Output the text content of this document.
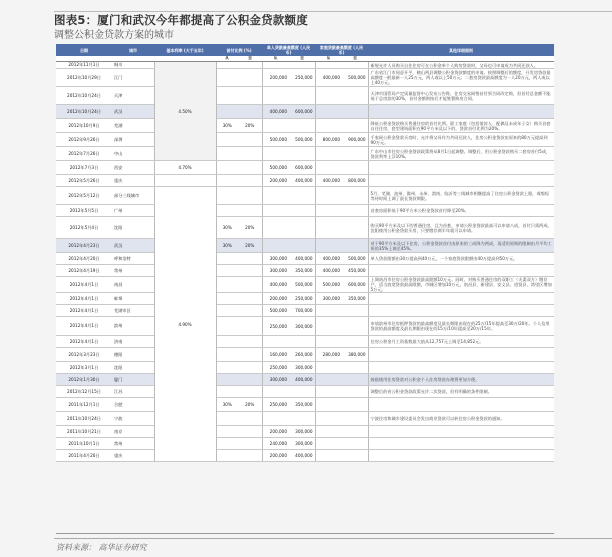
图表5：厦门和武汉今年都提高了公积金贷款额度
调整公积金贷款方案的城市
日期	城市	基本利率 (大于五年)	首付比例 (%)		单人贷款最高额度 (人民币)		家庭贷款最高额度 (人民币)		其他详细细则
			从	至	从	至	从	至	
2012年11月1日	铜川	4.50%							新规允许人员购买自住住房可在公积金单个人购房贷款时，父母也可申请成为共同还款人。
2012年10月29日	江门				200,000	250,000	400,000	500,000	广东省江门市同意开平、鹤山两县调整公积金贷款额度的申请。按照调整后的额度，开发房贷款最高额度一般最新一人25万元，两人或以上50万元；二套房贷款最高额度为一人20万元，两人或以上40万元。
2012年10月24日	天津								天津市国管局产定质量监督中心发布公告称，住房交易网签首付须合同改定购，但首付总金额不能低于总房款的30%，首付金额则按后才能签署购房合同。
2012年10月24日	武汉				400,000	600,000			
2012年10月9日	芜湖		30%	20%					降低公积金贷款购买普通住房的首付比例。职工家庭（包括借款人、配偶及未成年子女）购买首套自住住房，套型建筑面积在90平方米及以下的，贷款首付比例为20%。
2012年9月26日	深圳				500,000	500,000	800,000	900,000	千家网公积金贷款买房时，允许将父母作为共同还款人，住房公积金贷款由原来的80万元提高到90万元。
2012年7月26日	中山								广东中山市住房公积金贷款政策将从8月1日起调整。调整后，用公积金贷款购买二套房首付5成，贷款利率上浮10%。
2012年7月3日	西安	4.70%			500,000	600,000			
2012年5月26日	重庆				200,000	400,000	400,000	800,000	
2012年5月12日	部分三线城市	4.90%							5月，芜湖、池州、滁州、永州、渭南、临沂等三线城市相继提高了住房公积金贷款上限，或缩短等待时间上调了最长贷款期限。
2012年5月5日	广州								首套房面积低于90平方米公积金贷款首付降至20%。
2012年5月4日	沈阳		30%	20%					购买90平方米及以下的普通住房，且为首套，申请公积金贷款最高可以申请八成，首付只需两成。沈阳使用公积金贷款买房，只要缴存满半年就可以申请。
2012年4月23日	武汉		30%	20%					对于90平方米及以下住房，公积金贷款首付由原来的三成降为两成，再适用原则的限制由月平均工资的35%上调至45%。
2012年4月20日	呼和浩特				300,000	400,000	400,000	500,000	单人贷款限额由30万提高到40万元，一个家庭贷款限额由40万提高到50万元。
2012年4月19日	常州				300,000	350,000	400,000	450,000	
2012年4月1日	南昌				400,000	500,000	500,000	600,000	上调南昌市住房公积金贷款最高限额10万元。同时，对购买普通住房的双职工（夫妻双方）缴存户，适当放宽贷款最高限额，市城区增加10万元，南昌县、新建县、安义县、进贤县、湾里区增加5万元。
2012年4月1日	蚌埠				200,000	250,000	300,000	350,000	
2012年4月1日	芜湖市区				500,000	700,000			
2012年4月1日	滨州				250,000	300,000			申请滨州市住房抵押贷款的最高额度及最长期限由现在的25万/15年提高至30万/20年，个人信用贷款的最高额度及最长期限由现在的15万/10年提高至20万/15年。
2012年4月1日	济南								住房公积金月工资基数最大值从12,757元上调至14,852元。
2012年3月23日	德阳				160,000	260,000	280,000	380,000	
2012年3月1日	沈阳				250,000	300,000			
2012年1月30日	厦门				300,000	400,000			鼓励使用住房贷款对公积金个人住房贷款办理将更加方便。
2012年12月15日	江苏								调整后的省公积金贷款政策允许二次贷款，但有明确的条件限制。
2011年12月1日	合肥		30%	20%	250,000	350,000			
2011年10月24日	宁波								宁波住房和城乡建设委员会发出商业贷款可以转住房公积金贷款的通知。
2011年10月21日	南京				200,000	300,000			
2011年10月1日	常州				240,000	300,000			
2011年4月20日	重庆				200,000	400,000			
资料来源： 高华证券研究
